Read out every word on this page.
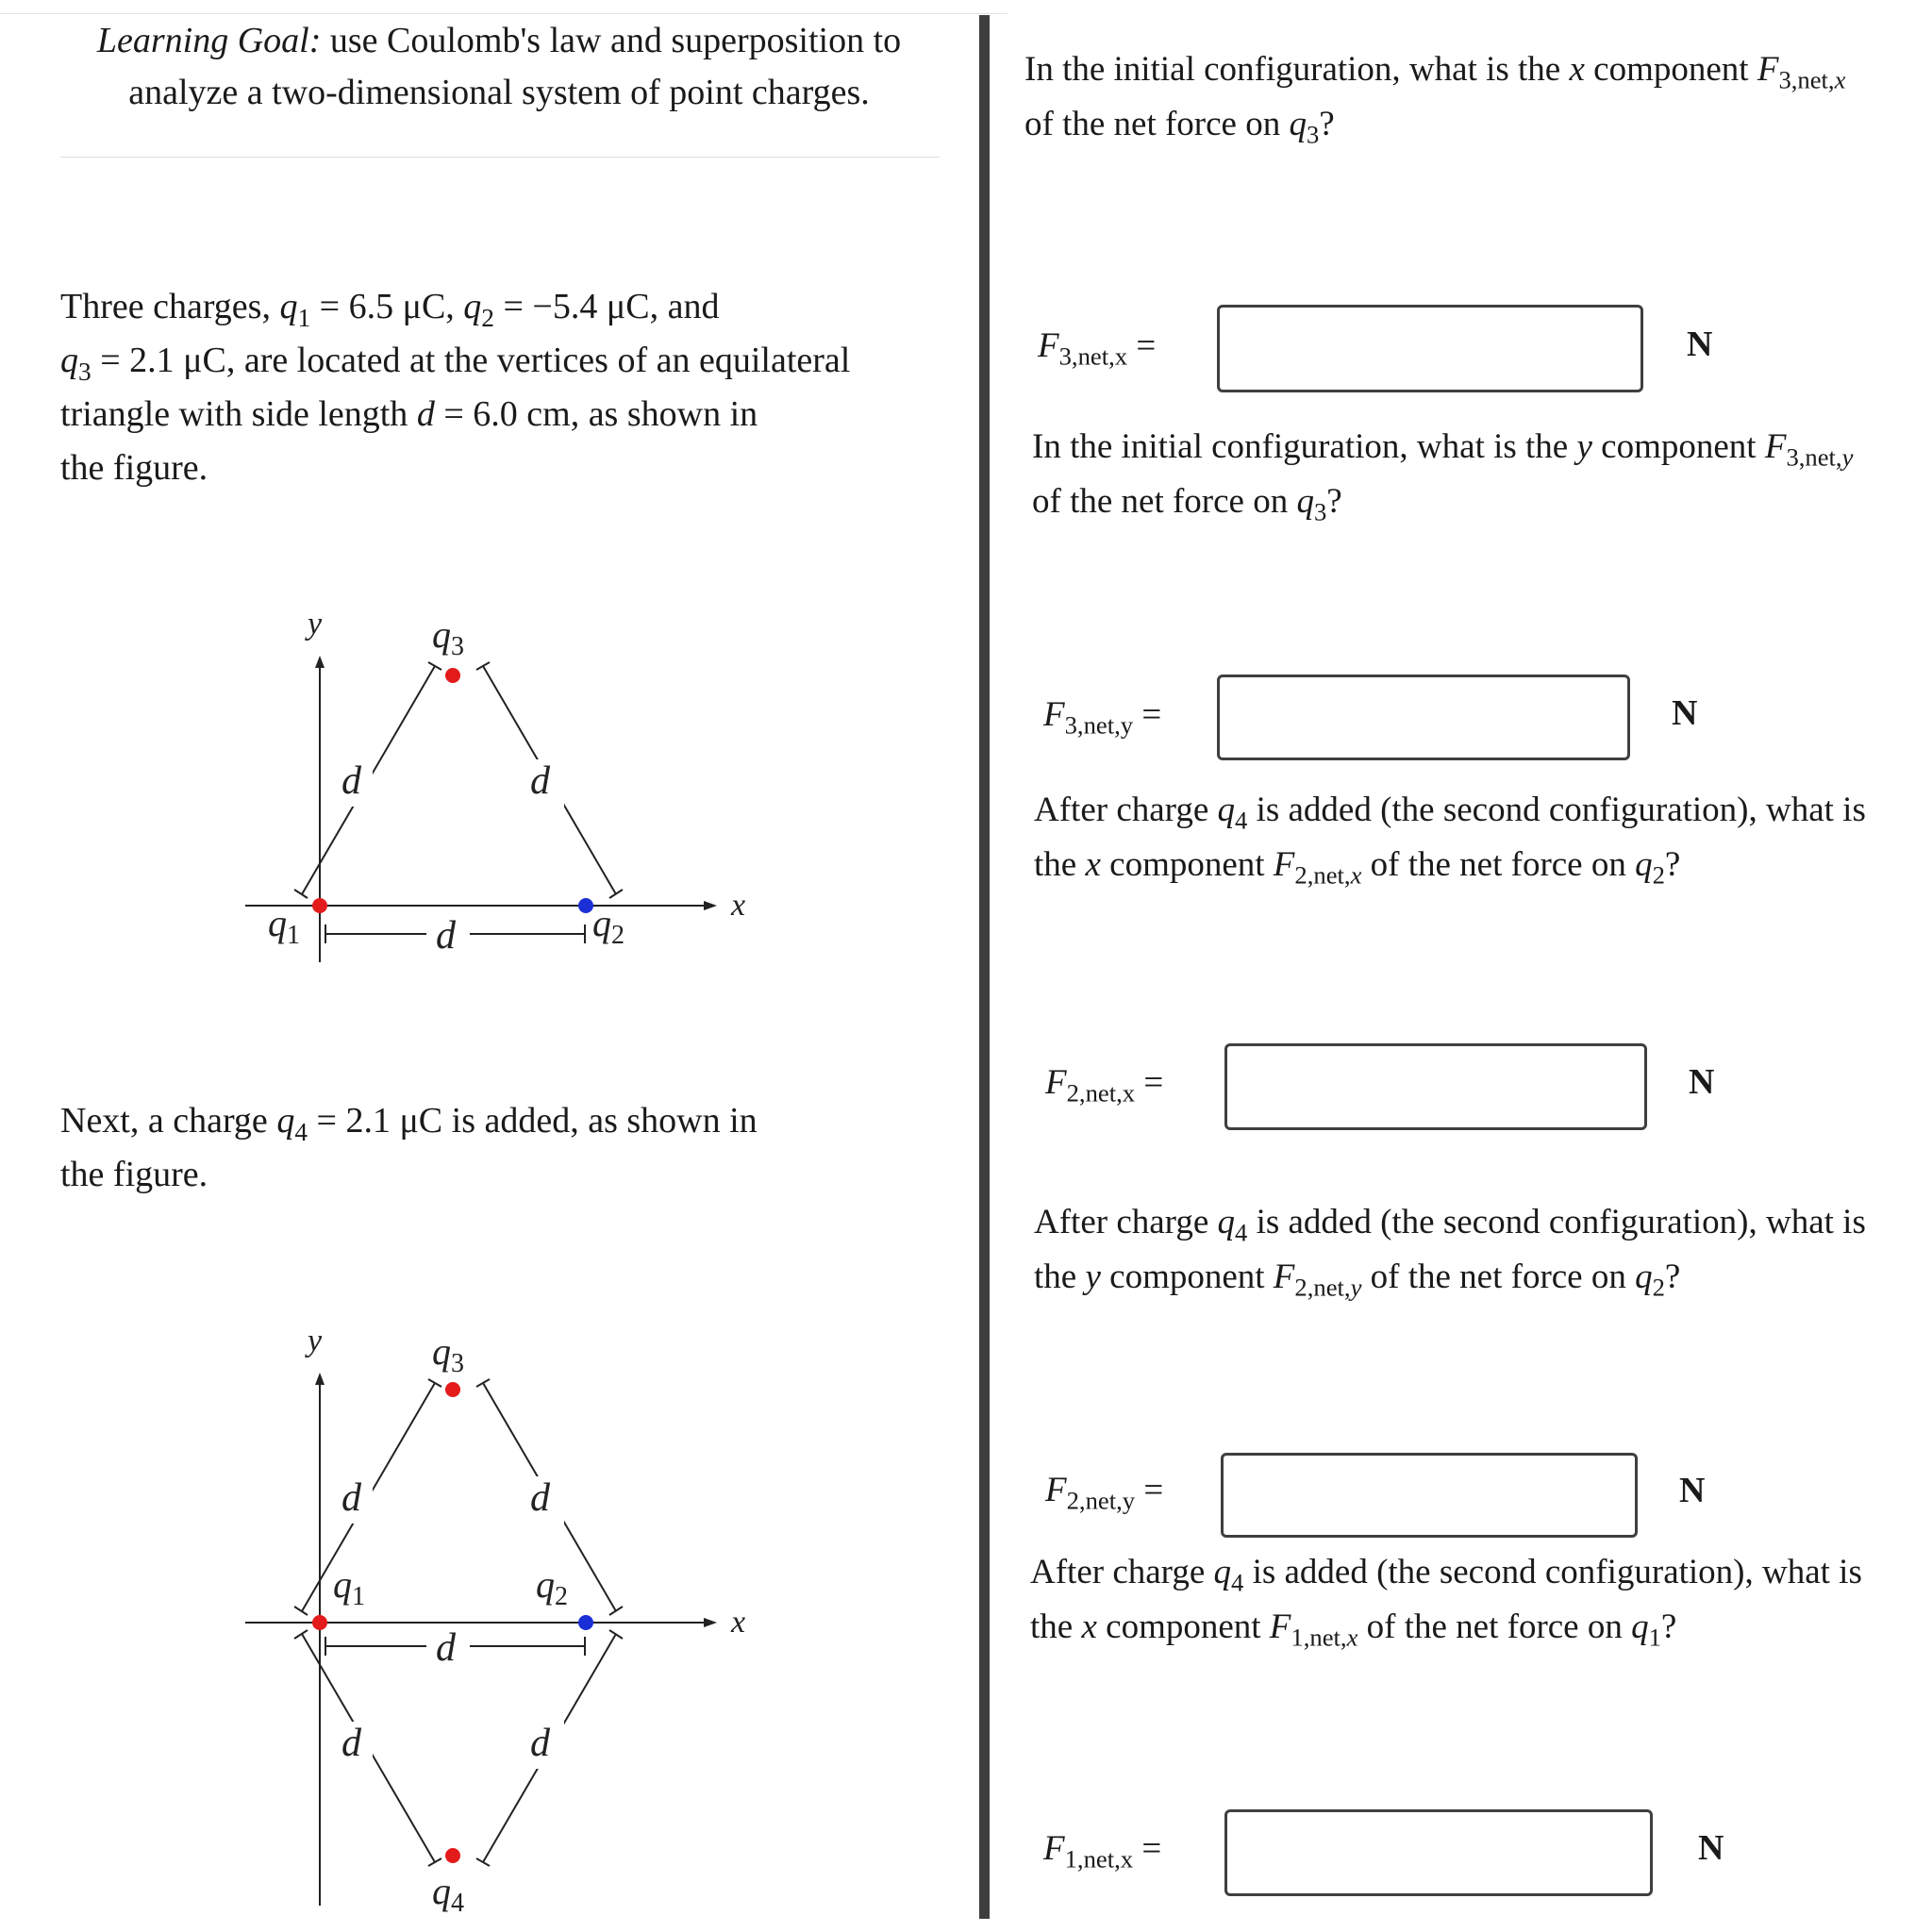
Learning Goal: use Coulomb's law and superposition to
analyze a two-dimensional system of point charges.
Three charges, $q_1 = 6.5$ μC, $q_2 = -5.4$ μC, and
$q_3 = 2.1$ μC, are located at the vertices of an equilateral
triangle with side length d = 6.0 cm, as shown in
the figure.
y
x
$q_3$
$q_1$	$q_2$
d	d
d
Next, a charge $q_4 = 2.1$ μC is added, as shown in
the figure.
y
x
$q_3$
$q_1$	$q_2$
$q_4$
d	d
d	d
d
In the initial configuration, what is the x component $F_{3,net,x}$
of the net force on $q_3$?
$F_{3,net,x}$ =	N
In the initial configuration, what is the y component $F_{3,net,y}$
of the net force on $q_3$?
$F_{3,net,y}$ =	N
After charge $q_4$ is added (the second configuration), what is
the x component $F_{2,net,x}$ of the net force on $q_2$?
$F_{2,net,x}$ =	N
After charge $q_4$ is added (the second configuration), what is
the y component $F_{2,net,y}$ of the net force on $q_2$?
$F_{2,net,y}$ =	N
After charge $q_4$ is added (the second configuration), what is
the x component $F_{1,net,x}$ of the net force on $q_1$?
$F_{1,net,x}$ =	N
